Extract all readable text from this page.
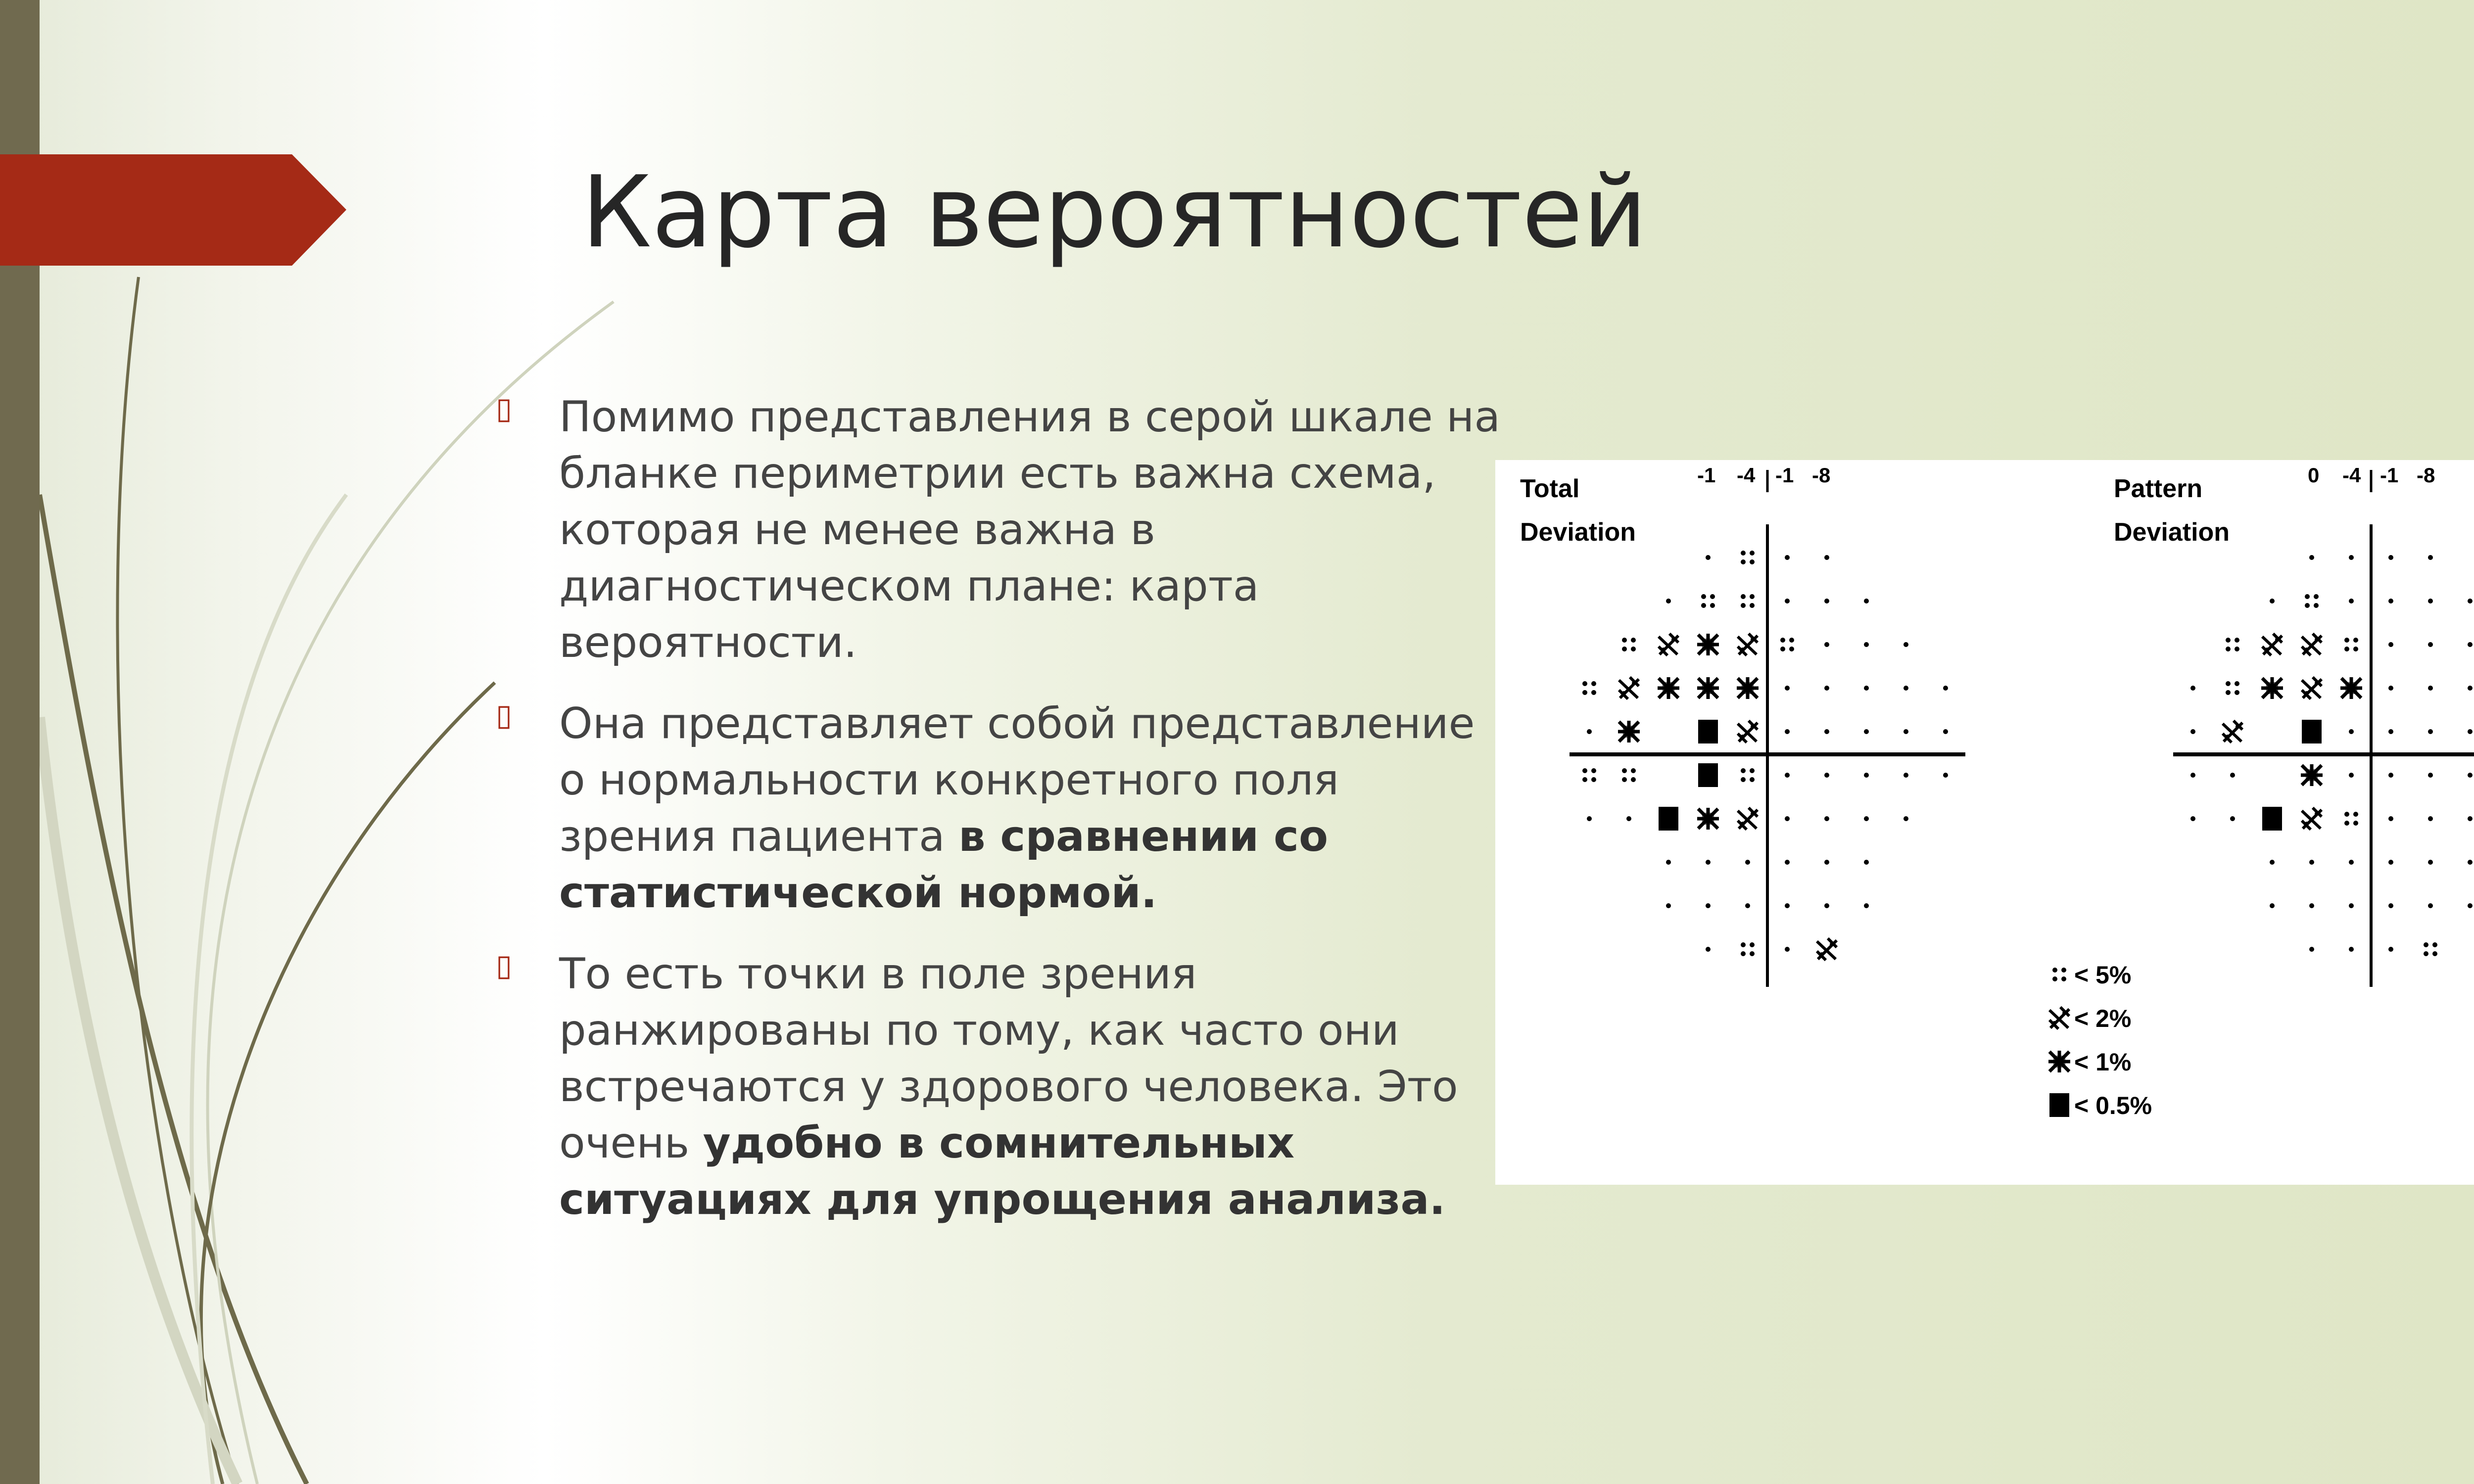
Карта вероятностей
▯ Помимо представления в серой шкале на бланке периметрии есть важна схема, которая не менее важна в диагностическом плане: карта вероятности.
▯ Она представляет собой представление о нормальности конкретного поля зрения пациента в сравнении со статистической нормой.
▯ То есть точки в поле зрения ранжированы по тому, как часто они встречаются у здорового человека. Это очень удобно в сомнительных ситуациях для упрощения анализа.
Total
Deviation
-1 -4 -1 -8	Pattern
Deviation
0 -4 -1 -8
< 5%
< 2%
< 1%
< 0.5%
